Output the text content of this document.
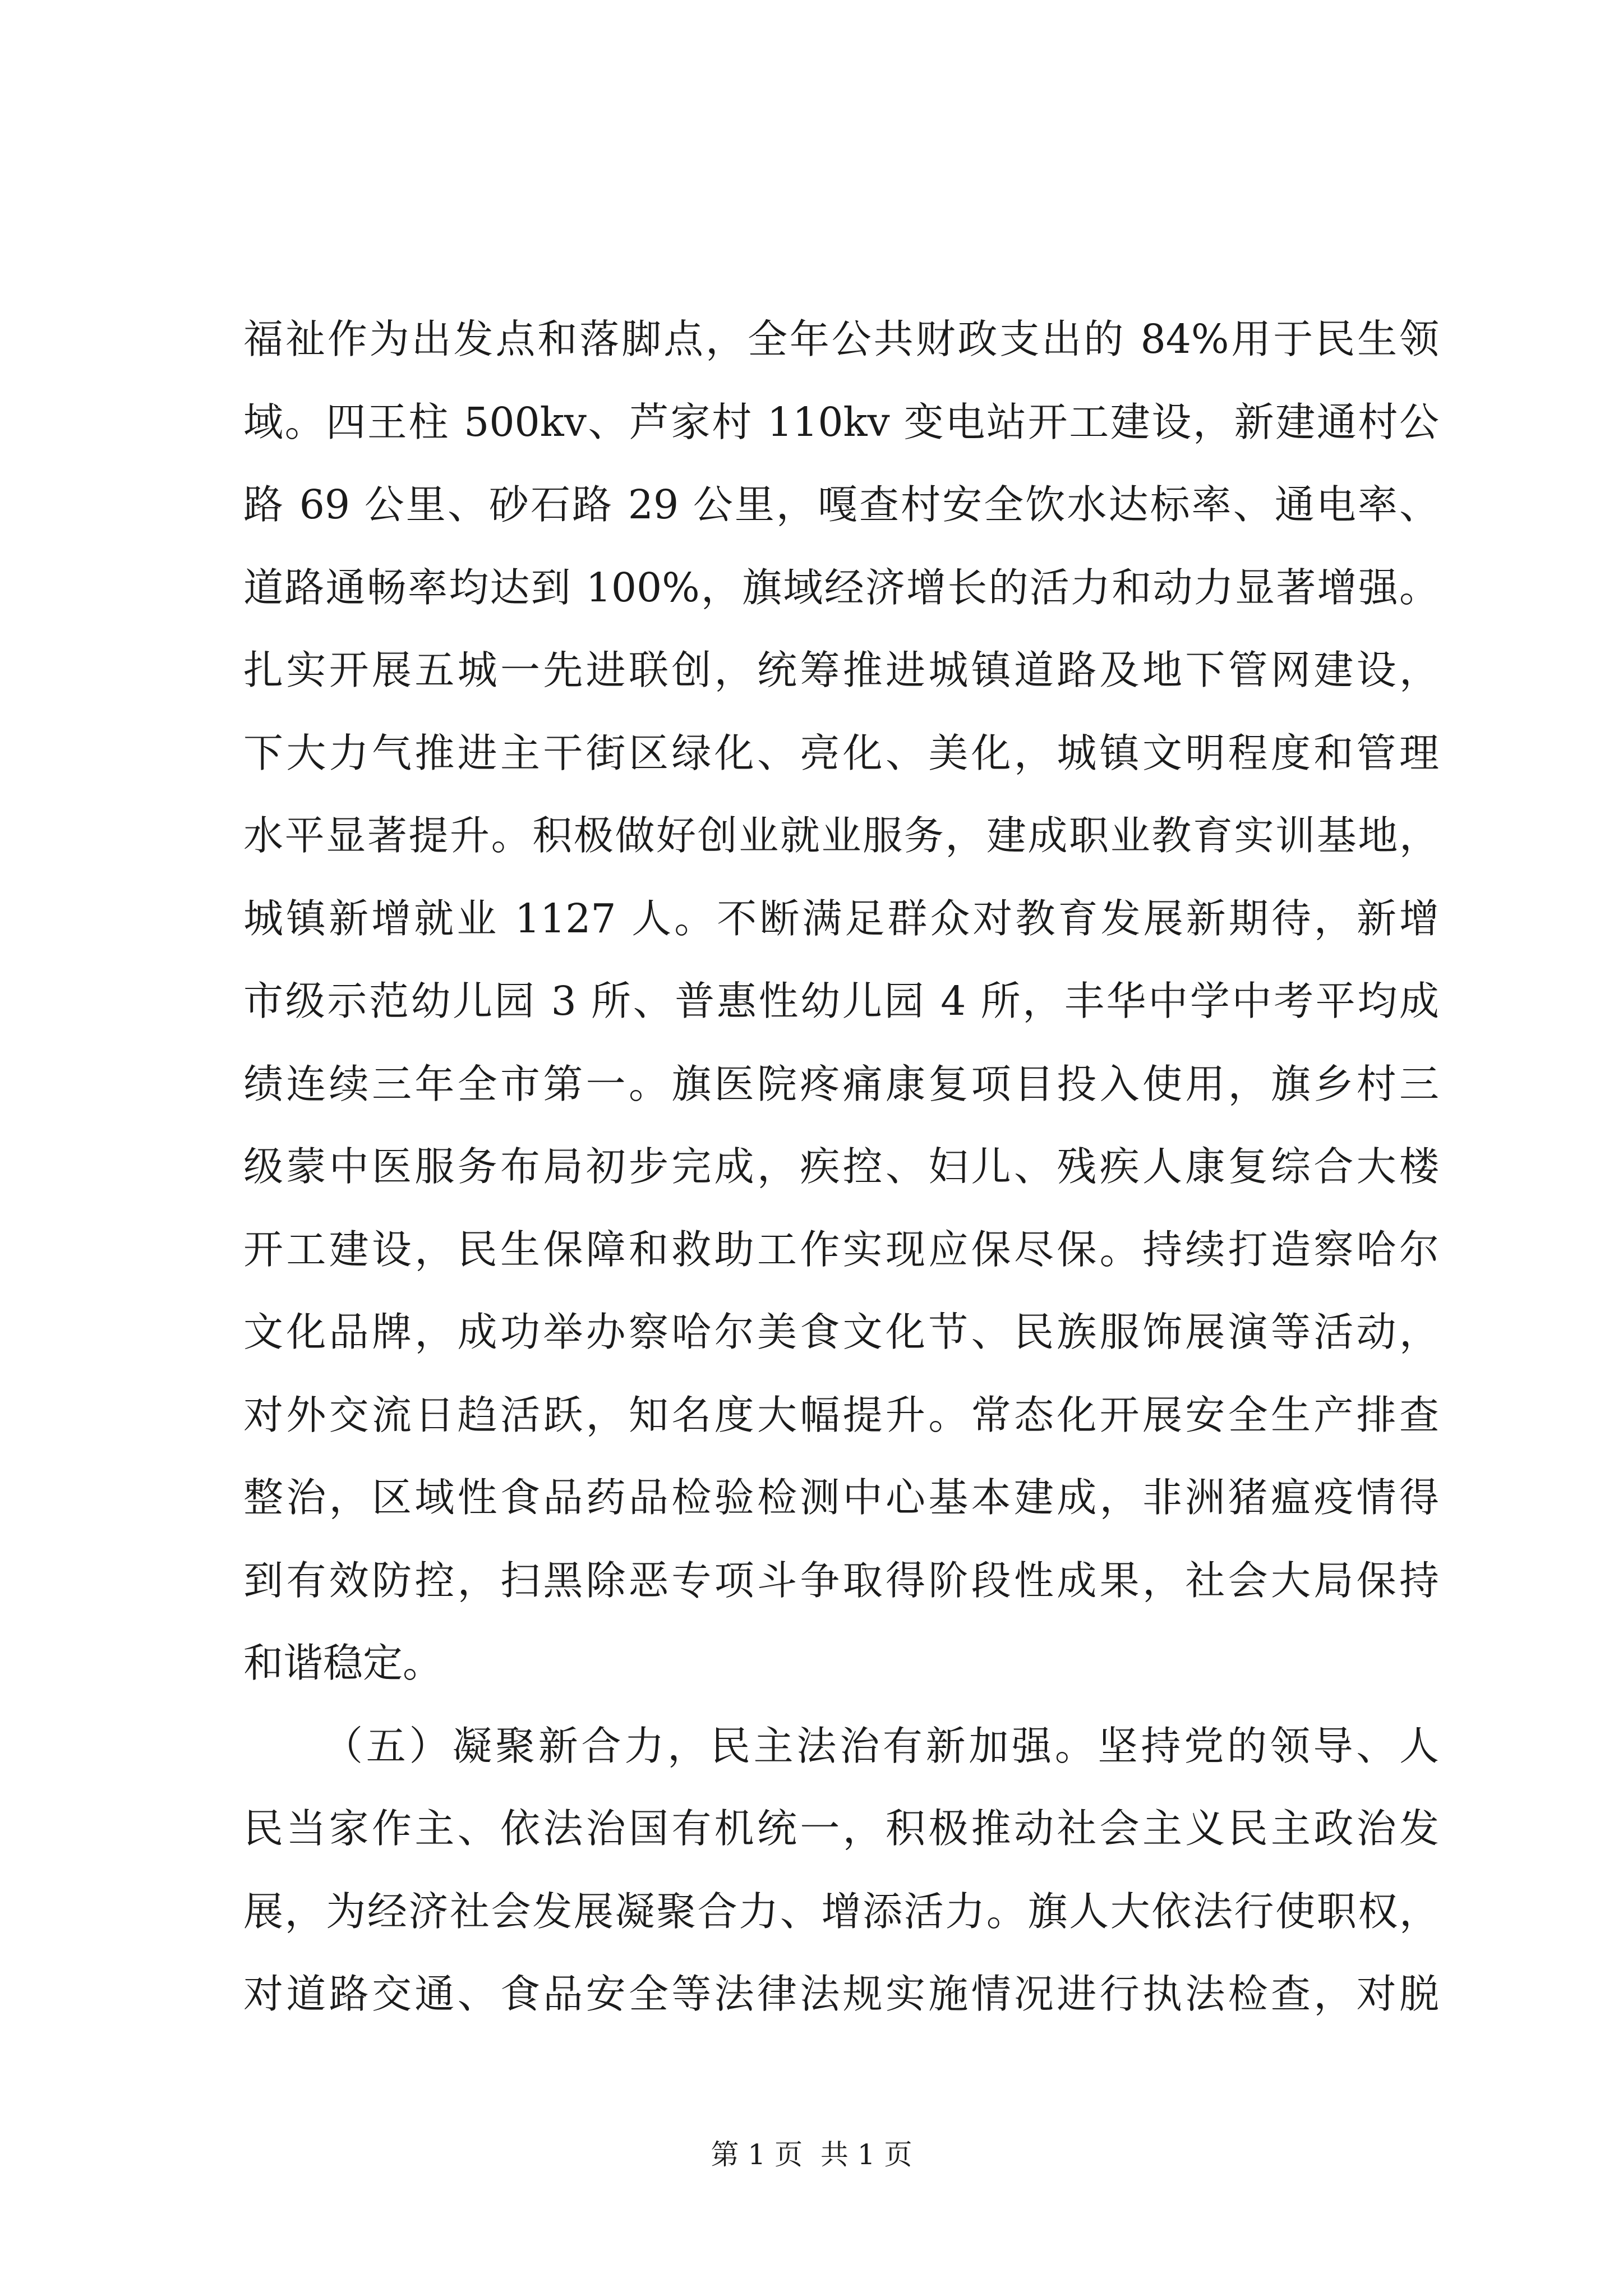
福祉作为出发点和落脚点，全年公共财政支出的 84%用于民生领
域。四王柱 500kv、芦家村 110kv 变电站开工建设，新建通村公
路 69 公里、砂石路 29 公里，嘎查村安全饮水达标率、通电率、
道路通畅率均达到 100%，旗域经济增长的活力和动力显著增强。
扎实开展五城一先进联创，统筹推进城镇道路及地下管网建设，
下大力气推进主干街区绿化、亮化、美化，城镇文明程度和管理
水平显著提升。积极做好创业就业服务，建成职业教育实训基地，
城镇新增就业 1127 人。不断满足群众对教育发展新期待，新增
市级示范幼儿园 3 所、普惠性幼儿园 4 所，丰华中学中考平均成
绩连续三年全市第一。旗医院疼痛康复项目投入使用，旗乡村三
级蒙中医服务布局初步完成，疾控、妇儿、残疾人康复综合大楼
开工建设，民生保障和救助工作实现应保尽保。持续打造察哈尔
文化品牌，成功举办察哈尔美食文化节、民族服饰展演等活动，
对外交流日趋活跃，知名度大幅提升。常态化开展安全生产排查
整治，区域性食品药品检验检测中心基本建成，非洲猪瘟疫情得
到有效防控，扫黑除恶专项斗争取得阶段性成果，社会大局保持
和谐稳定。
（五）凝聚新合力，民主法治有新加强。坚持党的领导、人
民当家作主、依法治国有机统一，积极推动社会主义民主政治发
展，为经济社会发展凝聚合力、增添活力。旗人大依法行使职权，
对道路交通、食品安全等法律法规实施情况进行执法检查，对脱
第 1 页  共 1 页
